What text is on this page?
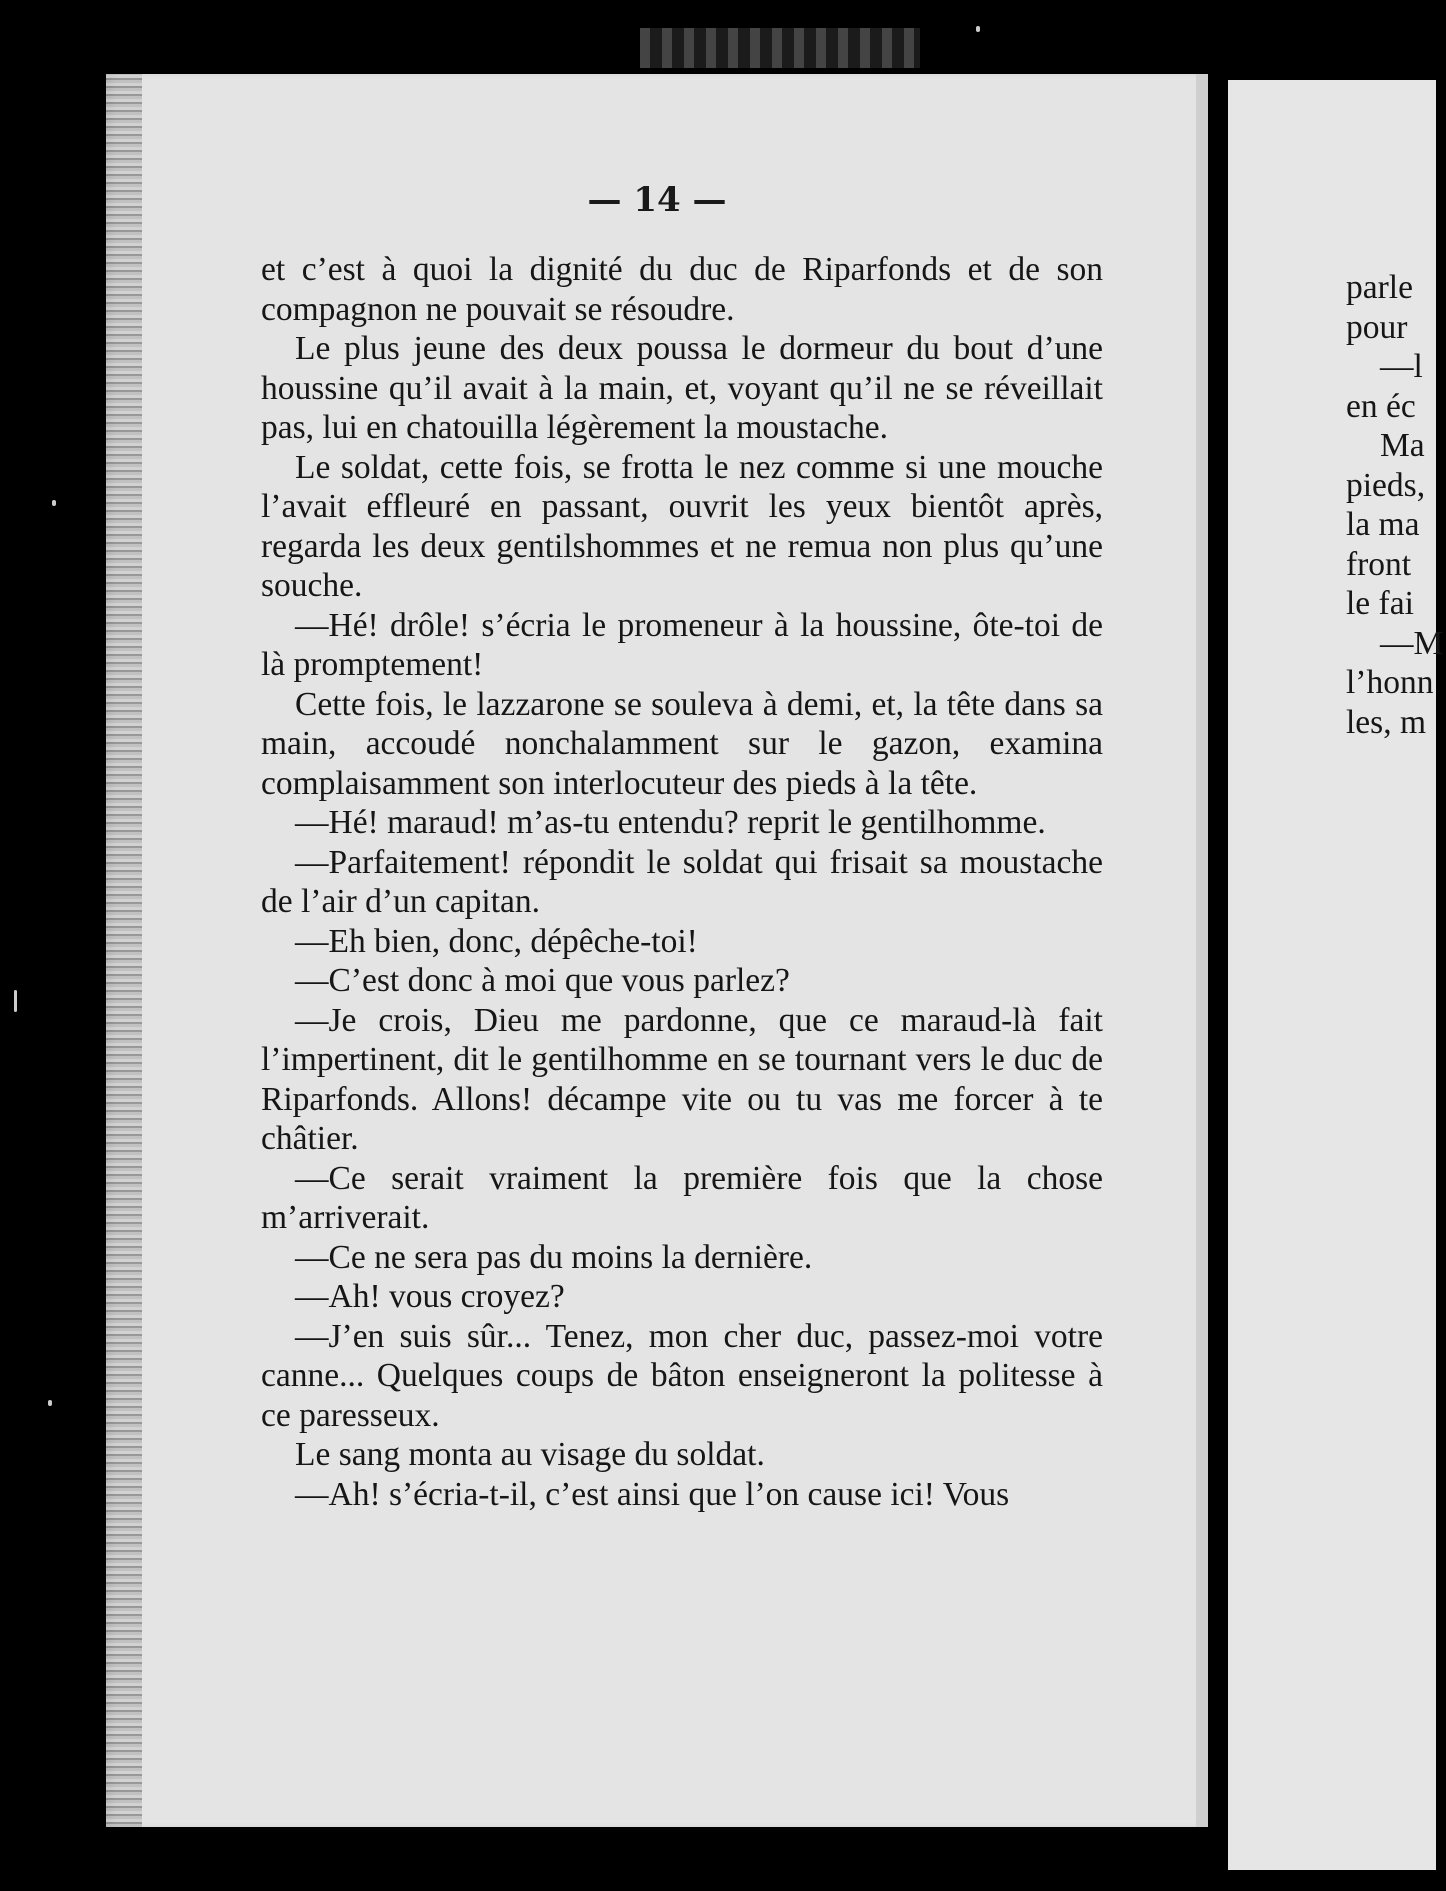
— 14 —

et c’est à quoi la dignité du duc de Riparfonds et de son compagnon ne pouvait se résoudre.

Le plus jeune des deux poussa le dormeur du bout d’une houssine qu’il avait à la main, et, voyant qu’il ne se réveillait pas, lui en chatouilla légèrement la moustache.

Le soldat, cette fois, se frotta le nez comme si une mouche l’avait effleuré en passant, ouvrit les yeux bientôt après, regarda les deux gentilshommes et ne remua non plus qu’une souche.

—Hé! drôle! s’écria le promeneur à la houssine, ôte-toi de là promptement!

Cette fois, le lazzarone se souleva à demi, et, la tête dans sa main, accoudé nonchalamment sur le gazon, examina complaisamment son interlocuteur des pieds à la tête.

—Hé! maraud! m’as-tu entendu? reprit le gentilhomme.

—Parfaitement! répondit le soldat qui frisait sa moustache de l’air d’un capitan.

—Eh bien, donc, dépêche-toi!

—C’est donc à moi que vous parlez?

—Je crois, Dieu me pardonne, que ce maraud-là fait l’impertinent, dit le gentilhomme en se tournant vers le duc de Riparfonds. Allons! décampe vite ou tu vas me forcer à te châtier.

—Ce serait vraiment la première fois que la chose m’arriverait.

—Ce ne sera pas du moins la dernière.

—Ah! vous croyez?

—J’en suis sûr... Tenez, mon cher duc, passez-moi votre canne... Quelques coups de bâton enseigneront la politesse à ce paresseux.

Le sang monta au visage du soldat.

—Ah! s’écria-t-il, c’est ainsi que l’on cause ici! Vous

parle
pour
—l
en éc
Ma
pieds,
la ma
front
le fai
—M
l’honn
les, m
